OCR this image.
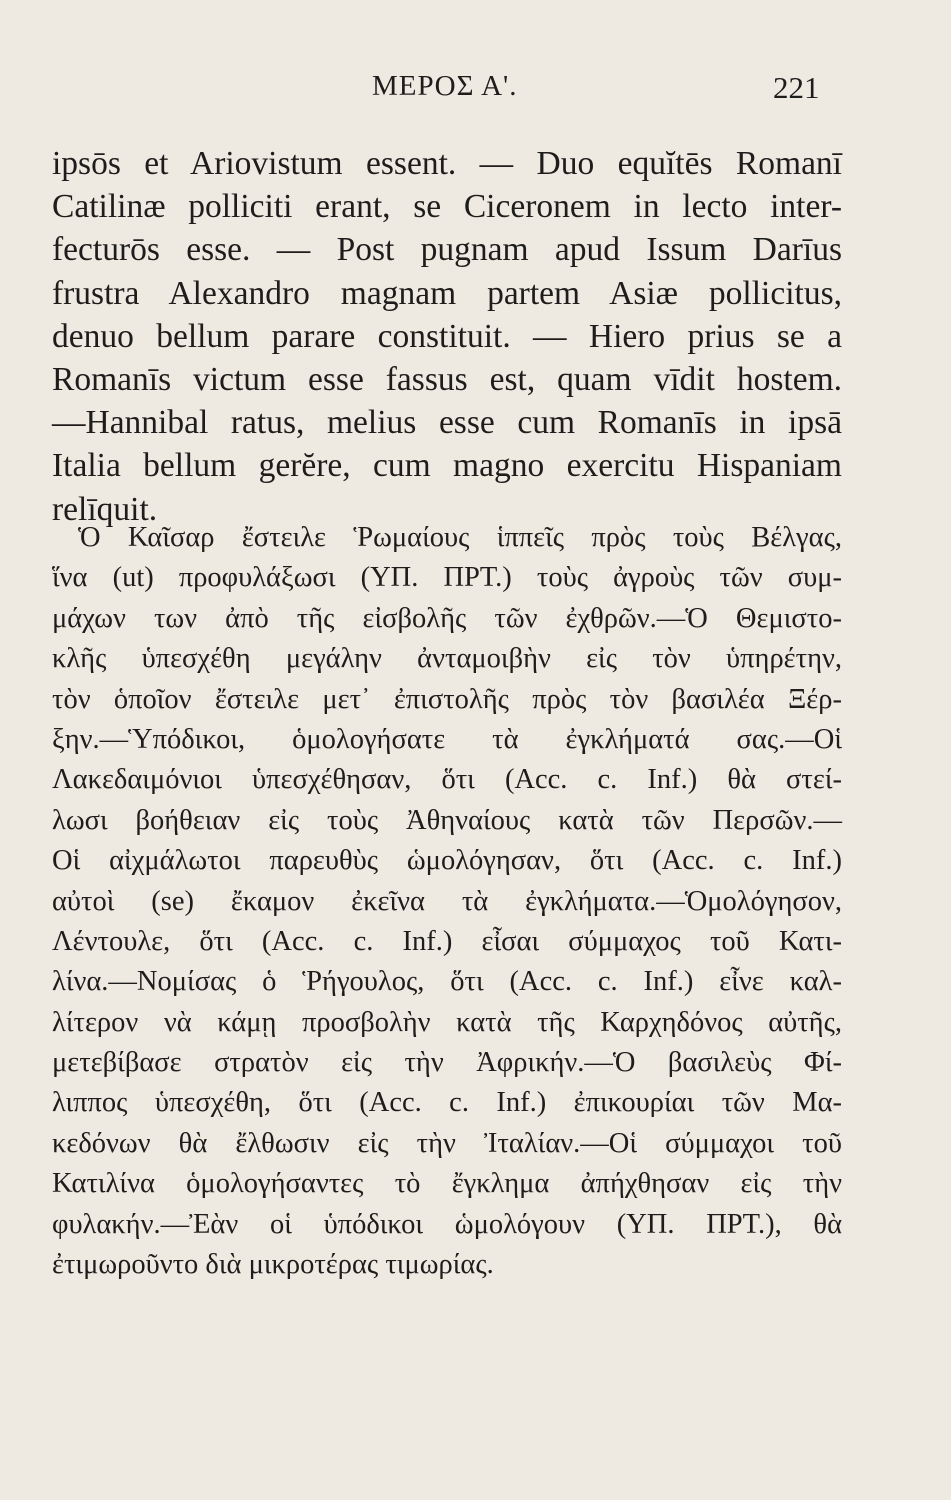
ΜΕΡΟΣ Α'.	221
ipsōs et Ariovistum essent. — Duo equĭtēs Romanī
Catilinæ polliciti erant, se Ciceronem in lecto inter-
fecturōs esse. — Post pugnam apud Issum Darīus
frustra Alexandro magnam partem Asiæ pollicitus,
denuo bellum parare constituit. — Hiero prius se a
Romanīs victum esse fassus est, quam vīdit hostem.
—Hannibal ratus, melius esse cum Romanīs in ipsā
Italia bellum gerĕre, cum magno exercitu Hispaniam
relīquit.
Ὁ Καῖσαρ ἔστειλε Ῥωμαίους ἱππεῖς πρὸς τοὺς Βέλγας,
ἵνα (ut) προφυλάξωσι (ΥΠ. ΠΡΤ.) τοὺς ἀγροὺς τῶν συμ-
μάχων των ἀπὸ τῆς εἰσβολῆς τῶν ἐχθρῶν.—Ὁ Θεμιστο-
κλῆς ὑπεσχέθη μεγάλην ἀνταμοιβὴν εἰς τὸν ὑπηρέτην,
τὸν ὁποῖον ἔστειλε μετ᾽ ἐπιστολῆς πρὸς τὸν βασιλέα Ξέρ-
ξην.—Ὑπόδικοι, ὁμολογήσατε τὰ ἐγκλήματά σας.—Οἱ
Λακεδαιμόνιοι ὑπεσχέθησαν, ὅτι (Acc. c. Inf.) θὰ στεί-
λωσι βοήθειαν εἰς τοὺς Ἀθηναίους κατὰ τῶν Περσῶν.—
Οἱ αἰχμάλωτοι παρευθὺς ὡμολόγησαν, ὅτι (Acc. c. Inf.)
αὐτοὶ (se) ἔκαμον ἐκεῖνα τὰ ἐγκλήματα.—Ὁμολόγησον,
Λέντουλε, ὅτι (Acc. c. Inf.) εἶσαι σύμμαχος τοῦ Κατι-
λίνα.—Νομίσας ὁ Ῥήγουλος, ὅτι (Acc. c. Inf.) εἶνε καλ-
λίτερον νὰ κάμῃ προσβολὴν κατὰ τῆς Καρχηδόνος αὐτῆς,
μετεβίβασε στρατὸν εἰς τὴν Ἀφρικήν.—Ὁ βασιλεὺς Φί-
λιππος ὑπεσχέθη, ὅτι (Acc. c. Inf.) ἐπικουρίαι τῶν Μα-
κεδόνων θὰ ἔλθωσιν εἰς τὴν Ἰταλίαν.—Οἱ σύμμαχοι τοῦ
Κατιλίνα ὁμολογήσαντες τὸ ἔγκλημα ἀπήχθησαν εἰς τὴν
φυλακήν.—Ἐὰν οἱ ὑπόδικοι ὡμολόγουν (ΥΠ. ΠΡΤ.), θὰ
ἐτιμωροῦντο διὰ μικροτέρας τιμωρίας.
